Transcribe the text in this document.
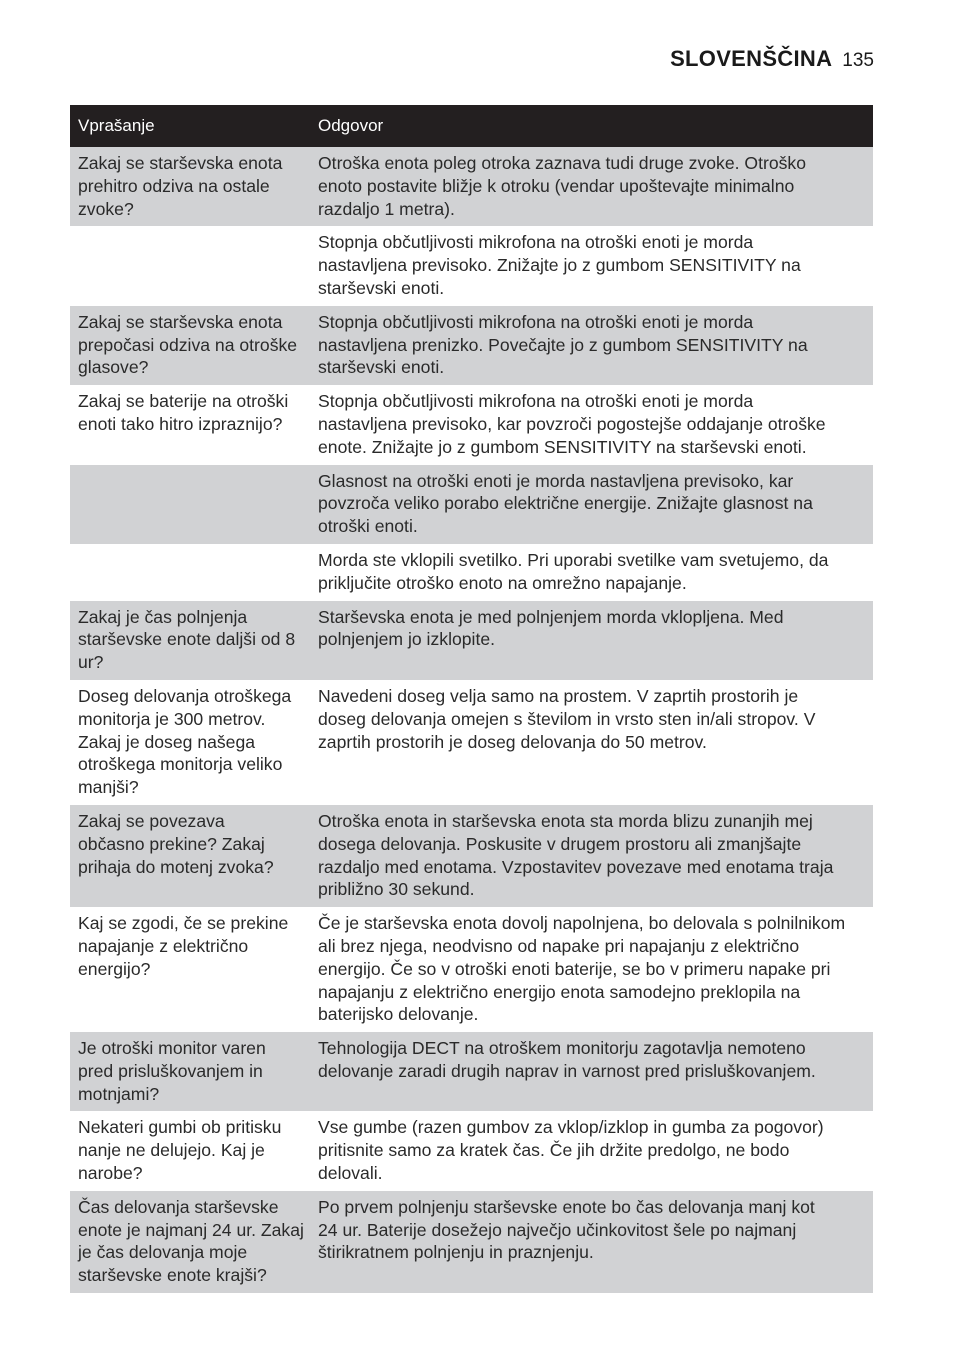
SLOVENŠČINA 135
Vprašanje	Odgovor
Zakaj se starševska enota
prehitro odziva na ostale
zvoke?
Otroška enota poleg otroka zaznava tudi druge zvoke. Otroško
enoto postavite bližje k otroku (vendar upoštevajte minimalno
razdaljo 1 metra).
Stopnja občutljivosti mikrofona na otroški enoti je morda
nastavljena previsoko. Znižajte jo z gumbom SENSITIVITY na
starševski enoti.
Zakaj se starševska enota
prepočasi odziva na otroške
glasove?
Stopnja občutljivosti mikrofona na otroški enoti je morda
nastavljena prenizko. Povečajte jo z gumbom SENSITIVITY na
starševski enoti.
Zakaj se baterije na otroški
enoti tako hitro izpraznijo?
Stopnja občutljivosti mikrofona na otroški enoti je morda
nastavljena previsoko, kar povzroči pogostejše oddajanje otroške
enote. Znižajte jo z gumbom SENSITIVITY na starševski enoti.
Glasnost na otroški enoti je morda nastavljena previsoko, kar
povzroča veliko porabo električne energije. Znižajte glasnost na
otroški enoti.
Morda ste vklopili svetilko. Pri uporabi svetilke vam svetujemo, da
priključite otroško enoto na omrežno napajanje.
Zakaj je čas polnjenja
starševske enote daljši od 8
ur?
Starševska enota je med polnjenjem morda vklopljena. Med
polnjenjem jo izklopite.
Doseg delovanja otroškega
monitorja je 300 metrov.
Zakaj je doseg našega
otroškega monitorja veliko
manjši?
Navedeni doseg velja samo na prostem. V zaprtih prostorih je
doseg delovanja omejen s številom in vrsto sten in/ali stropov. V
zaprtih prostorih je doseg delovanja do 50 metrov.
Zakaj se povezava
občasno prekine? Zakaj
prihaja do motenj zvoka?
Otroška enota in starševska enota sta morda blizu zunanjih mej
dosega delovanja. Poskusite v drugem prostoru ali zmanjšajte
razdaljo med enotama. Vzpostavitev povezave med enotama traja
približno 30 sekund.
Kaj se zgodi, če se prekine
napajanje z električno
energijo?
Če je starševska enota dovolj napolnjena, bo delovala s polnilnikom
ali brez njega, neodvisno od napake pri napajanju z električno
energijo. Če so v otroški enoti baterije, se bo v primeru napake pri
napajanju z električno energijo enota samodejno preklopila na
baterijsko delovanje.
Je otroški monitor varen
pred prisluškovanjem in
motnjami?
Tehnologija DECT na otroškem monitorju zagotavlja nemoteno
delovanje zaradi drugih naprav in varnost pred prisluškovanjem.
Nekateri gumbi ob pritisku
nanje ne delujejo. Kaj je
narobe?
Vse gumbe (razen gumbov za vklop/izklop in gumba za pogovor)
pritisnite samo za kratek čas. Če jih držite predolgo, ne bodo
delovali.
Čas delovanja starševske
enote je najmanj 24 ur. Zakaj
je čas delovanja moje
starševske enote krajši?
Po prvem polnjenju starševske enote bo čas delovanja manj kot
24 ur. Baterije dosežejo največjo učinkovitost šele po najmanj
štirikratnem polnjenju in praznjenju.
